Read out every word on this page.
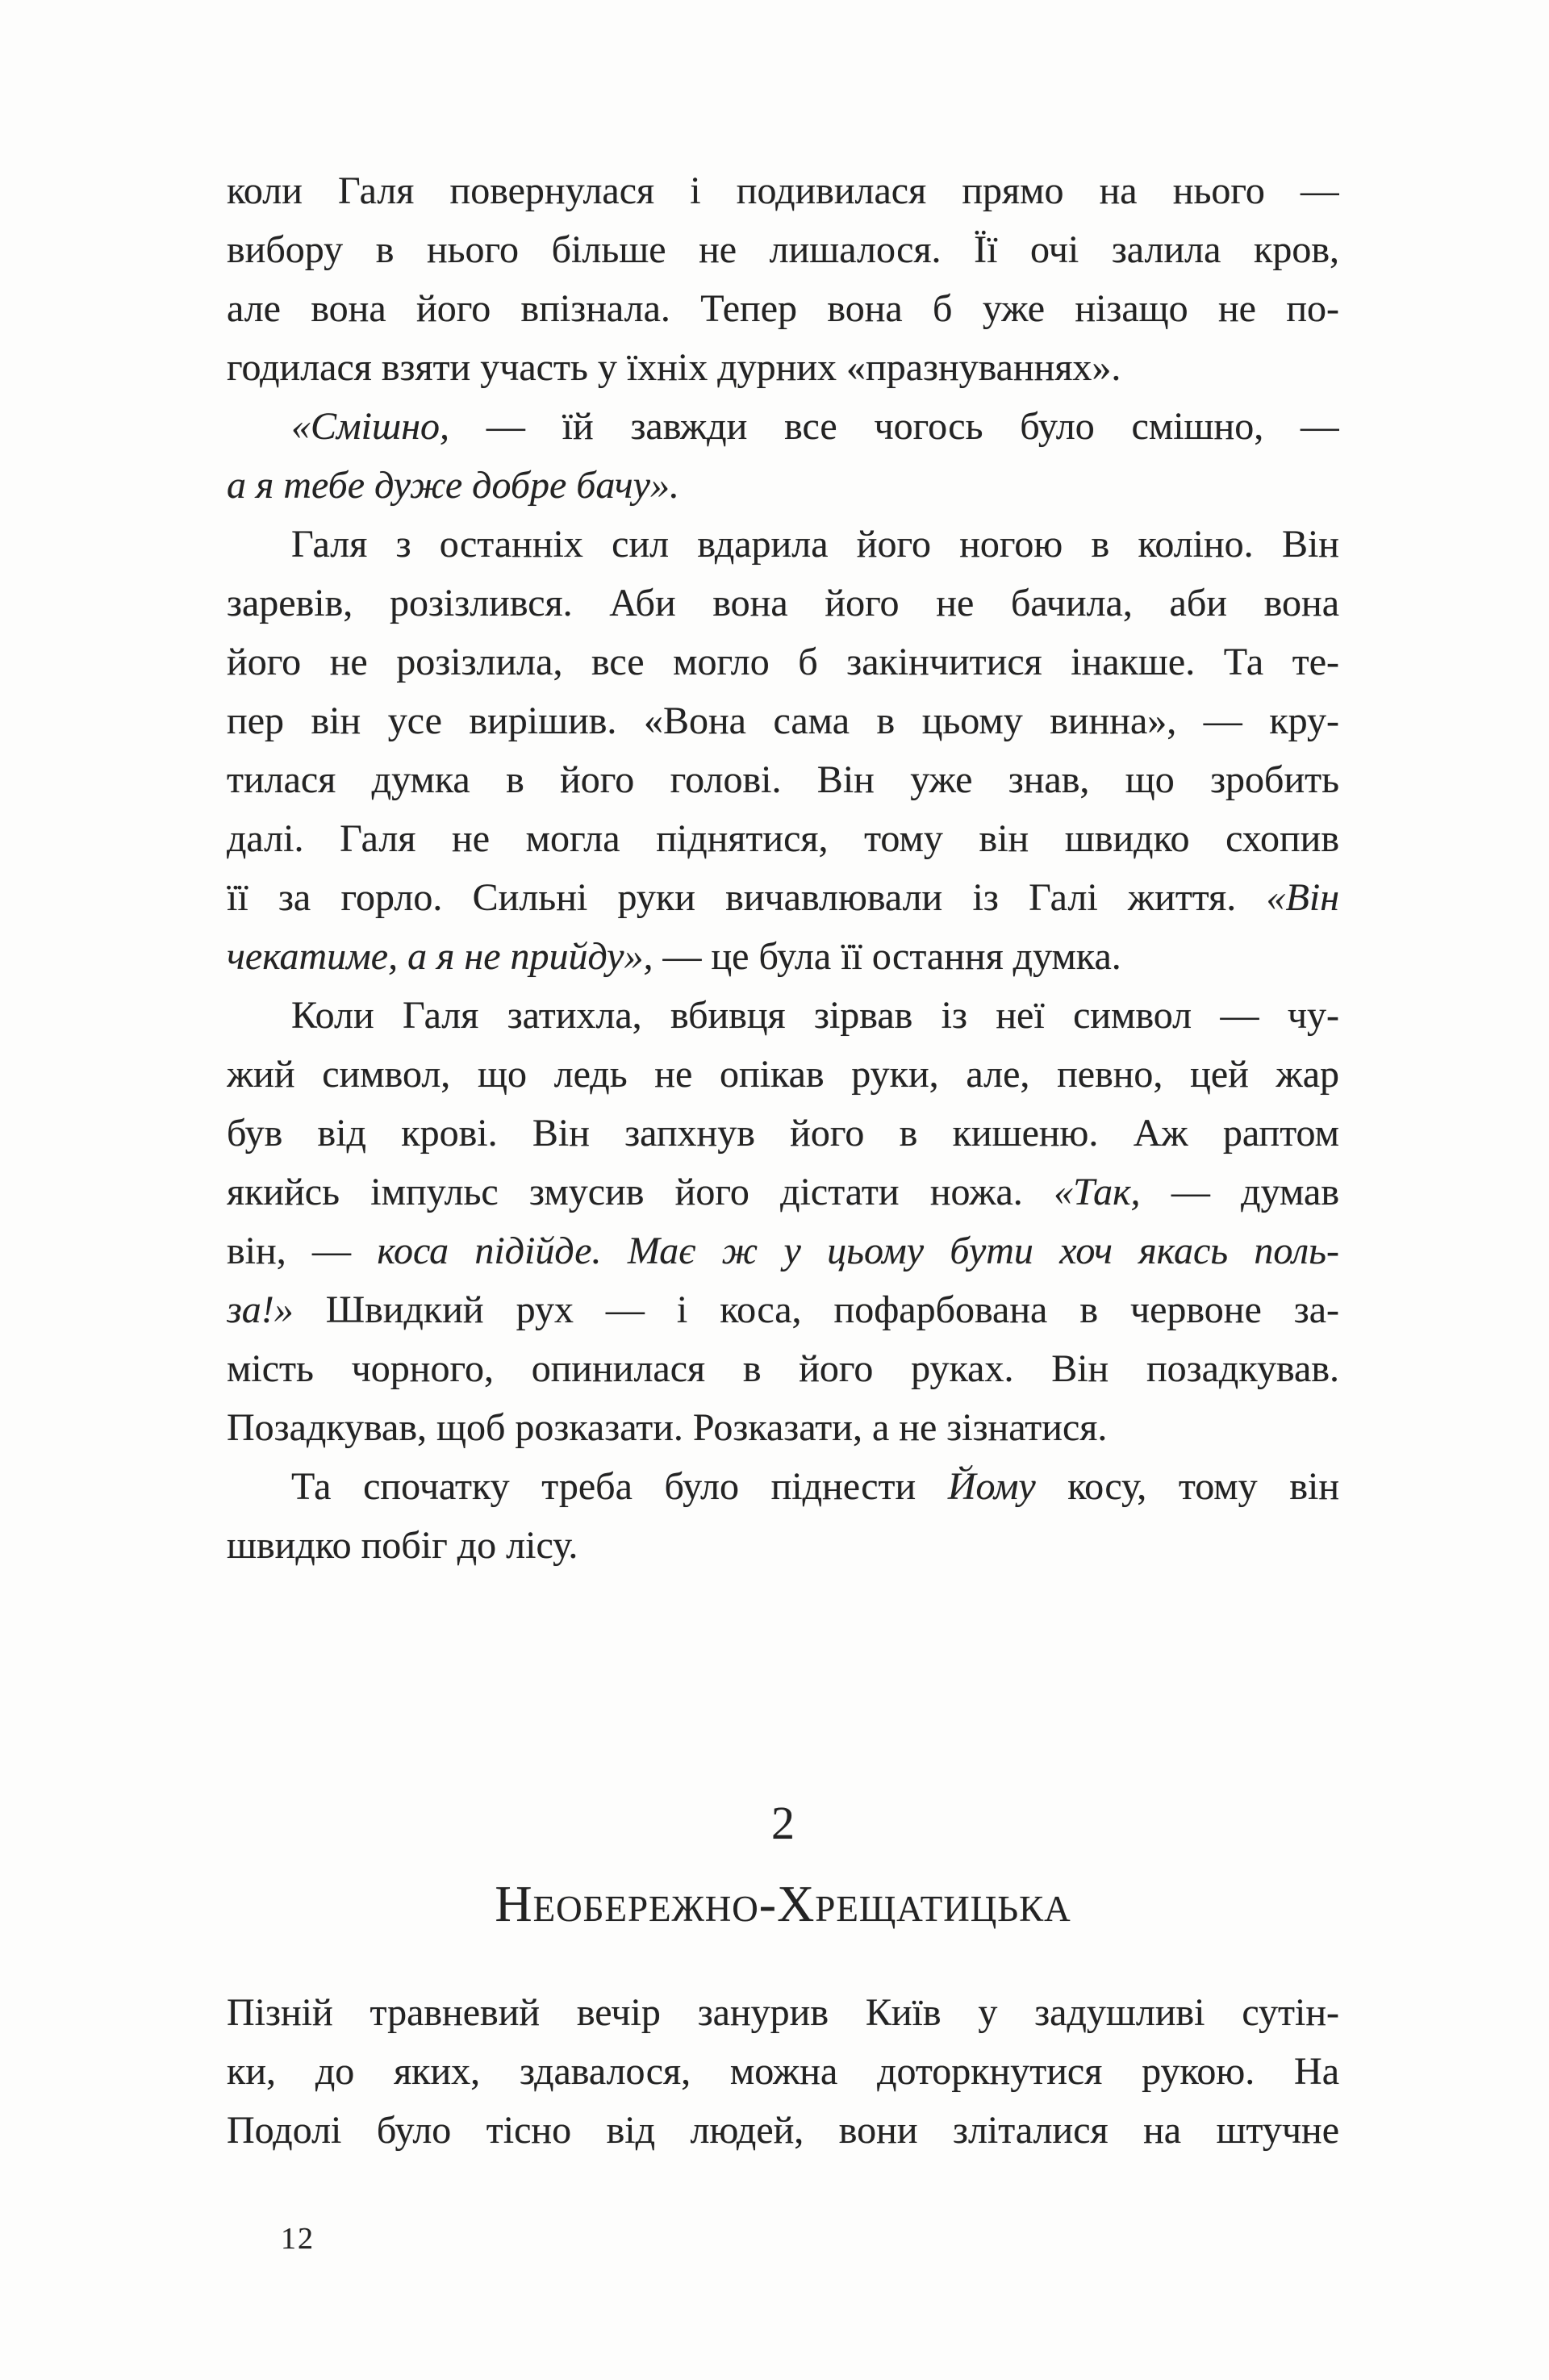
коли Галя повернулася і подивилася прямо на нього —
вибору в нього більше не лишалося. Її очі залила кров,
але вона його впізнала. Тепер вона б уже нізащо не по-
годилася взяти участь у їхніх дурних «празнуваннях».
«Смішно, — їй завжди все чогось було смішно, —
а я тебе дуже добре бачу».
Галя з останніх сил вдарила його ногою в коліно. Він
заревів, розізлився. Аби вона його не бачила, аби вона
його не розізлила, все могло б закінчитися інакше. Та те-
пер він усе вирішив. «Вона сама в цьому винна», — кру-
тилася думка в його голові. Він уже знав, що зробить
далі. Галя не могла піднятися, тому він швидко схопив
її за горло. Сильні руки вичавлювали із Галі життя. «Він
чекатиме, а я не прийду», — це була її остання думка.
Коли Галя затихла, вбивця зірвав із неї символ — чу-
жий символ, що ледь не опікав руки, але, певно, цей жар
був від крові. Він запхнув його в кишеню. Аж раптом
якийсь імпульс змусив його дістати ножа. «Так, — думав
він, — коса підійде. Має ж у цьому бути хоч якась поль-
за!» Швидкий рух — і коса, пофарбована в червоне за-
мість чорного, опинилася в його руках. Він позадкував.
Позадкував, щоб розказати. Розказати, а не зізнатися.
Та спочатку треба було піднести Йому косу, тому він
швидко побіг до лісу.
2
Необережно-Хрещатицька
Пізній травневий вечір занурив Київ у задушливі сутін-
ки, до яких, здавалося, можна доторкнутися рукою. На
Подолі було тісно від людей, вони зліталися на штучне
12
